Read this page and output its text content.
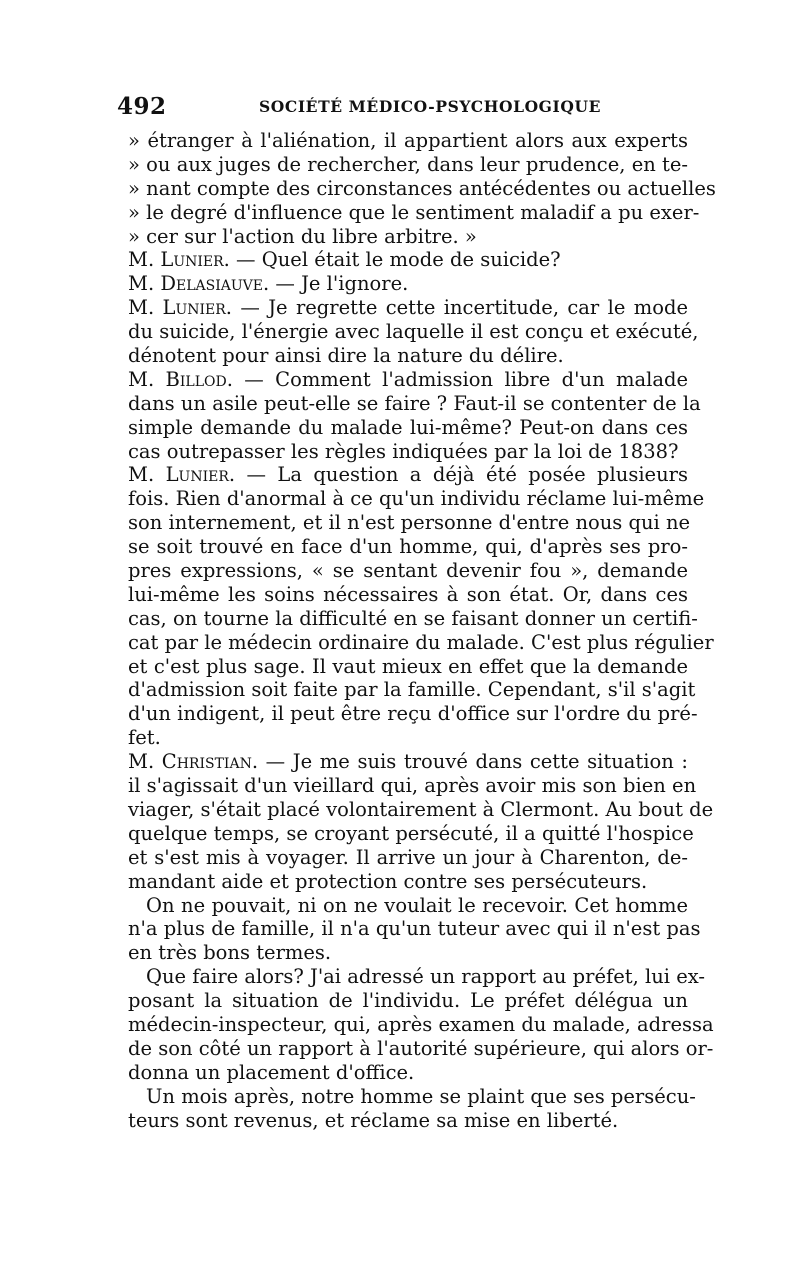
492	SOCIÉTÉ MÉDICO-PSYCHOLOGIQUE
» étranger à l'aliénation, il appartient alors aux experts
» ou aux juges de rechercher, dans leur prudence, en te-
» nant compte des circonstances antécédentes ou actuelles
» le degré d'influence que le sentiment maladif a pu exer-
» cer sur l'action du libre arbitre. »
M. Lunier. — Quel était le mode de suicide?
M. Delasiauve. — Je l'ignore.
M. Lunier. — Je regrette cette incertitude, car le mode
du suicide, l'énergie avec laquelle il est conçu et exécuté,
dénotent pour ainsi dire la nature du délire.
M. Billod. — Comment l'admission libre d'un malade
dans un asile peut-elle se faire ? Faut-il se contenter de la
simple demande du malade lui-même? Peut-on dans ces
cas outrepasser les règles indiquées par la loi de 1838?
M. Lunier. — La question a déjà été posée plusieurs
fois. Rien d'anormal à ce qu'un individu réclame lui-même
son internement, et il n'est personne d'entre nous qui ne
se soit trouvé en face d'un homme, qui, d'après ses pro-
pres expressions, « se sentant devenir fou », demande
lui-même les soins nécessaires à son état. Or, dans ces
cas, on tourne la difficulté en se faisant donner un certifi-
cat par le médecin ordinaire du malade. C'est plus régulier
et c'est plus sage. Il vaut mieux en effet que la demande
d'admission soit faite par la famille. Cependant, s'il s'agit
d'un indigent, il peut être reçu d'office sur l'ordre du pré-
fet.
M. Christian. — Je me suis trouvé dans cette situation :
il s'agissait d'un vieillard qui, après avoir mis son bien en
viager, s'était placé volontairement à Clermont. Au bout de
quelque temps, se croyant persécuté, il a quitté l'hospice
et s'est mis à voyager. Il arrive un jour à Charenton, de-
mandant aide et protection contre ses persécuteurs.
On ne pouvait, ni on ne voulait le recevoir. Cet homme
n'a plus de famille, il n'a qu'un tuteur avec qui il n'est pas
en très bons termes.
Que faire alors? J'ai adressé un rapport au préfet, lui ex-
posant la situation de l'individu. Le préfet délégua un
médecin-inspecteur, qui, après examen du malade, adressa
de son côté un rapport à l'autorité supérieure, qui alors or-
donna un placement d'office.
Un mois après, notre homme se plaint que ses persécu-
teurs sont revenus, et réclame sa mise en liberté.
